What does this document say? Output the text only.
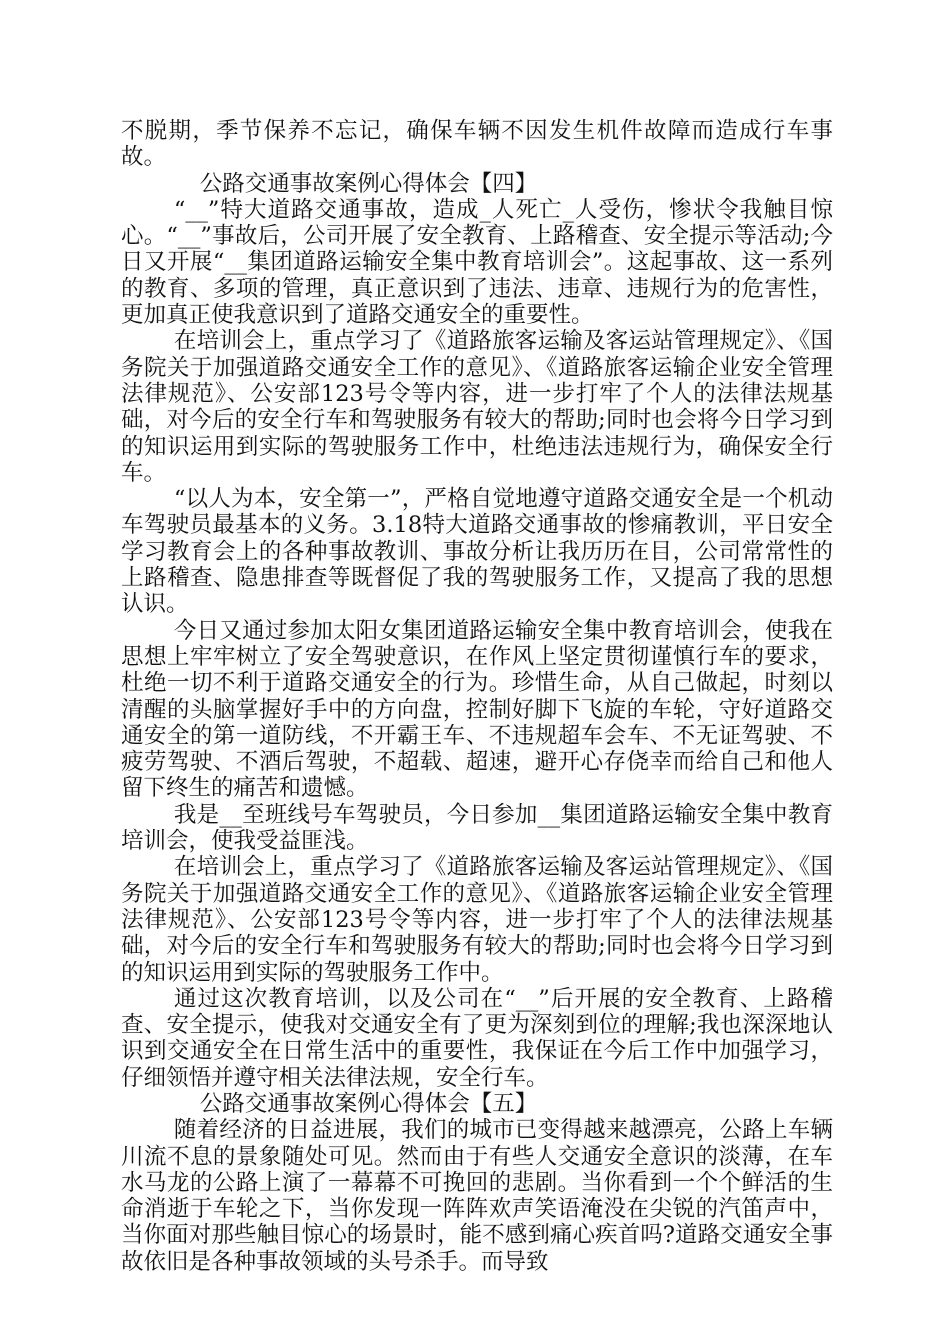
不脱期，季节保养不忘记，确保车辆不因发生机件故障而造成行车事故。

公路交通事故案例心得体会【四】

“__”特大道路交通事故，造成_人死亡_人受伤，惨状令我触目惊心。“__”事故后，公司开展了安全教育、上路稽查、安全提示等活动;今日又开展“__集团道路运输安全集中教育培训会”。这起事故、这一系列的教育、多项的管理，真正意识到了违法、违章、违规行为的危害性，更加真正使我意识到了道路交通安全的重要性。

在培训会上，重点学习了《道路旅客运输及客运站管理规定》、《国务院关于加强道路交通安全工作的意见》、《道路旅客运输企业安全管理法律规范》、公安部123号令等内容，进一步打牢了个人的法律法规基础，对今后的安全行车和驾驶服务有较大的帮助;同时也会将今日学习到的知识运用到实际的驾驶服务工作中，杜绝违法违规行为，确保安全行车。

“以人为本，安全第一”，严格自觉地遵守道路交通安全是一个机动车驾驶员最基本的义务。3.18特大道路交通事故的惨痛教训，平日安全学习教育会上的各种事故教训、事故分析让我历历在目，公司常常性的上路稽查、隐患排查等既督促了我的驾驶服务工作，又提高了我的思想认识。

今日又通过参加太阳女集团道路运输安全集中教育培训会，使我在思想上牢牢树立了安全驾驶意识，在作风上坚定贯彻谨慎行车的要求，杜绝一切不利于道路交通安全的行为。珍惜生命，从自己做起，时刻以清醒的头脑掌握好手中的方向盘，控制好脚下飞旋的车轮，守好道路交通安全的第一道防线，不开霸王车、不违规超车会车、不无证驾驶、不疲劳驾驶、不酒后驾驶，不超载、超速，避开心存侥幸而给自己和他人留下终生的痛苦和遗憾。

我是__至班线号车驾驶员，今日参加__集团道路运输安全集中教育培训会，使我受益匪浅。

在培训会上，重点学习了《道路旅客运输及客运站管理规定》、《国务院关于加强道路交通安全工作的意见》、《道路旅客运输企业安全管理法律规范》、公安部123号令等内容，进一步打牢了个人的法律法规基础，对今后的安全行车和驾驶服务有较大的帮助;同时也会将今日学习到的知识运用到实际的驾驶服务工作中。

通过这次教育培训，以及公司在“__”后开展的安全教育、上路稽查、安全提示，使我对交通安全有了更为深刻到位的理解;我也深深地认识到交通安全在日常生活中的重要性，我保证在今后工作中加强学习，仔细领悟并遵守相关法律法规，安全行车。

公路交通事故案例心得体会【五】

随着经济的日益进展，我们的城市已变得越来越漂亮，公路上车辆川流不息的景象随处可见。然而由于有些人交通安全意识的淡薄，在车水马龙的公路上演了一幕幕不可挽回的悲剧。当你看到一个个鲜活的生命消逝于车轮之下，当你发现一阵阵欢声笑语淹没在尖锐的汽笛声中，当你面对那些触目惊心的场景时，能不感到痛心疾首吗?道路交通安全事故依旧是各种事故领域的头号杀手。而导致
